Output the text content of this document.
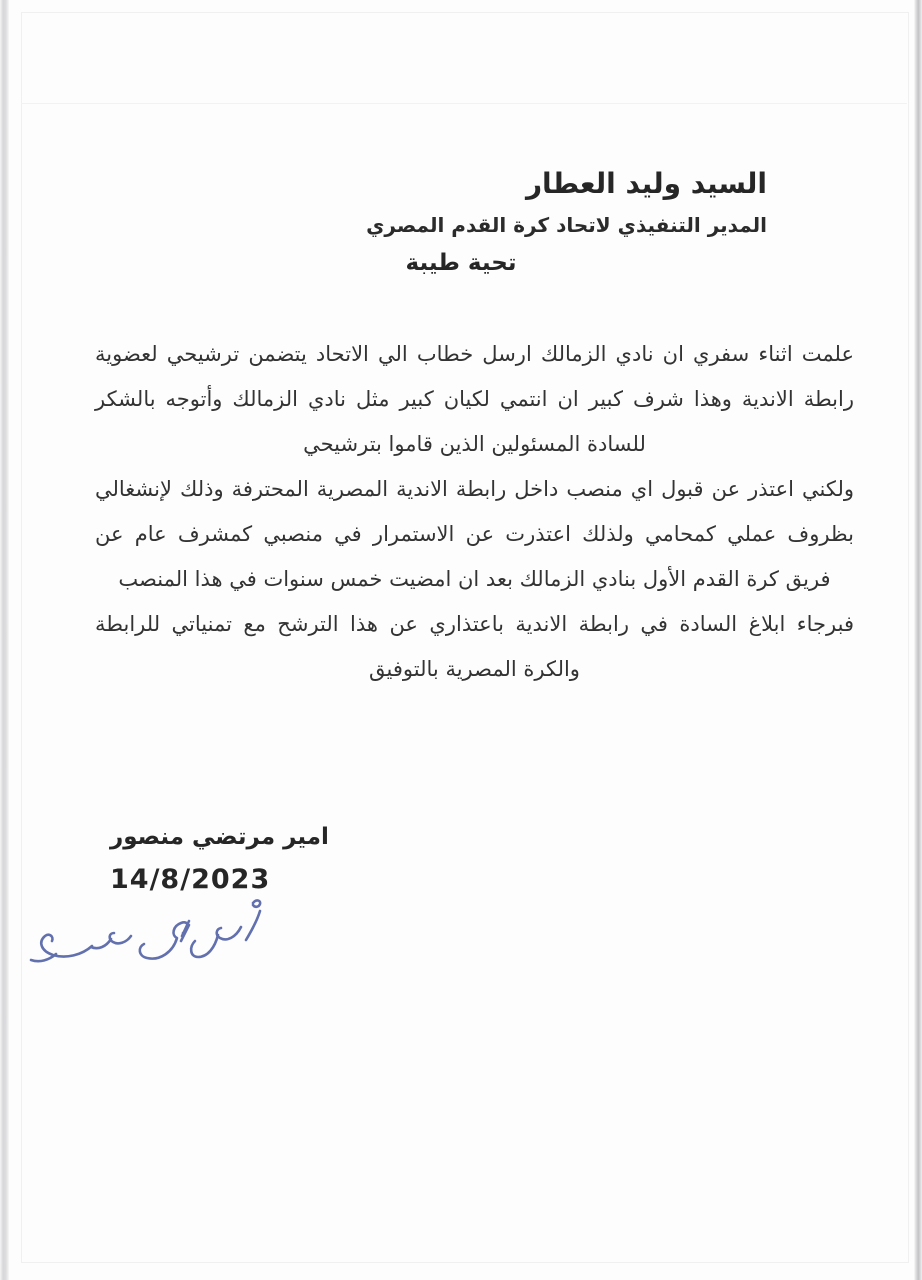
السيد وليد العطار
المدير التنفيذي لاتحاد كرة القدم المصري
تحية طيبة

علمت اثناء سفري ان نادي الزمالك ارسل خطاب الي الاتحاد يتضمن ترشيحي لعضوية رابطة الاندية وهذا شرف كبير ان انتمي لكيان كبير مثل نادي الزمالك وأتوجه بالشكر للسادة المسئولين الذين قاموا بترشيحي

ولكني اعتذر عن قبول اي منصب داخل رابطة الاندية المصرية المحترفة وذلك لإنشغالي بظروف عملي كمحامي ولذلك اعتذرت عن الاستمرار في منصبي كمشرف عام عن فريق كرة القدم الأول بنادي الزمالك بعد ان امضيت خمس سنوات في هذا المنصب

فبرجاء ابلاغ السادة في رابطة الاندية باعتذاري عن هذا الترشح مع تمنياتي للرابطة والكرة المصرية بالتوفيق

امير مرتضي منصور
14/8/2023
